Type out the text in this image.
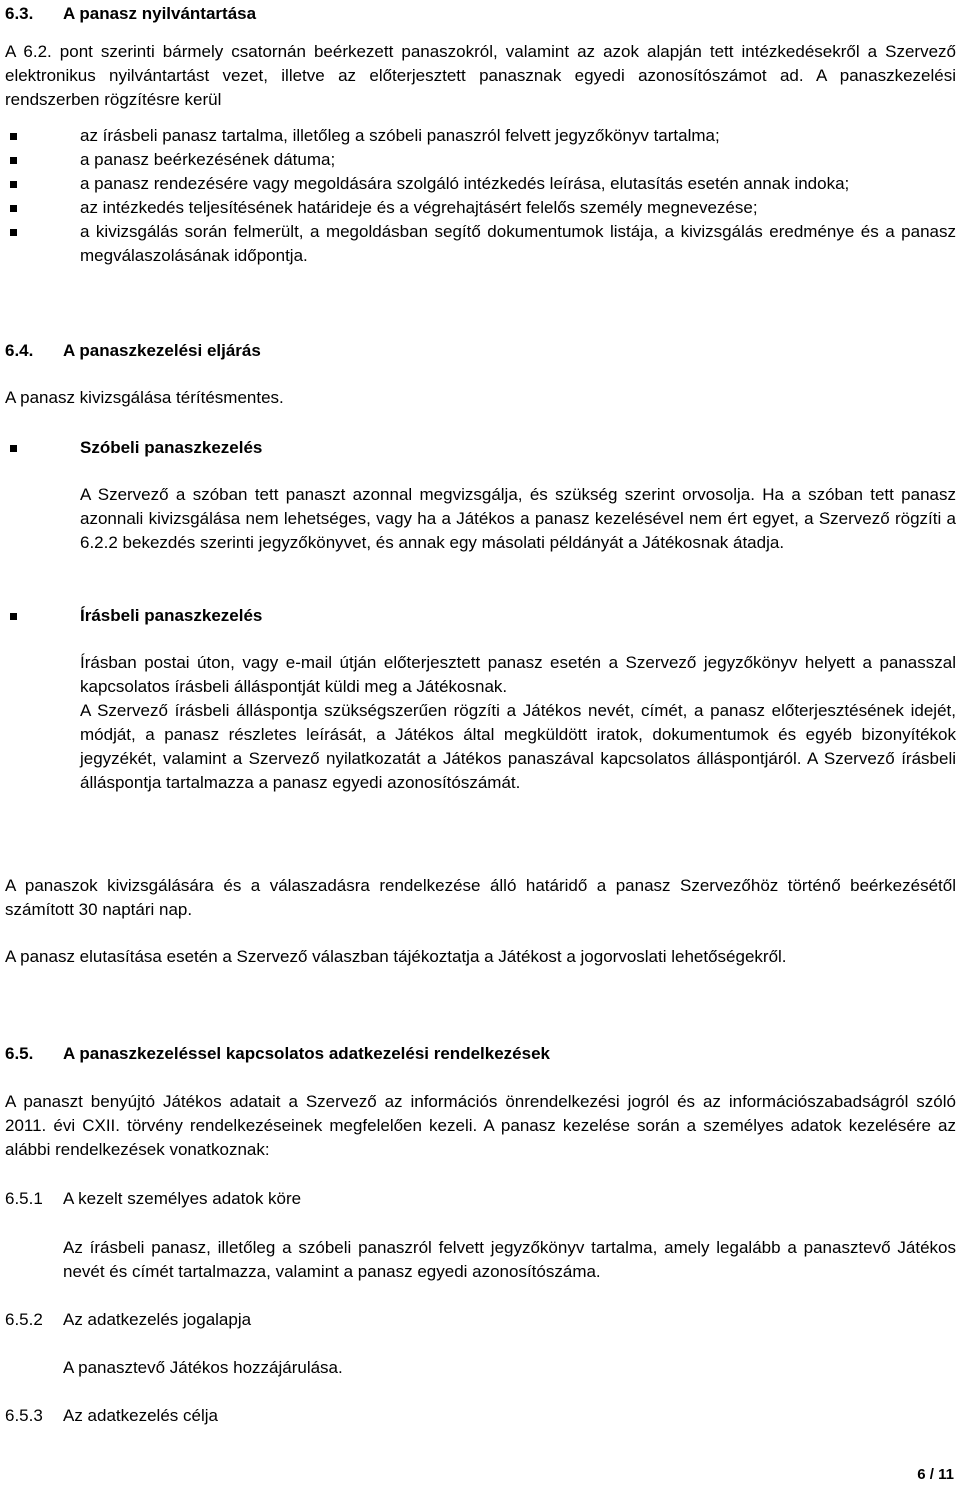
6.3. A panasz nyilvántartása
A 6.2. pont szerinti bármely csatornán beérkezett panaszokról, valamint az azok alapján tett intézkedésekről a Szervező elektronikus nyilvántartást vezet, illetve az előterjesztett panasznak egyedi azonosítószámot ad. A panaszkezelési rendszerben rögzítésre kerül
az írásbeli panasz tartalma, illetőleg a szóbeli panaszról felvett jegyzőkönyv tartalma;
a panasz beérkezésének dátuma;
a panasz rendezésére vagy megoldására szolgáló intézkedés leírása, elutasítás esetén annak indoka;
az intézkedés teljesítésének határideje és a végrehajtásért felelős személy megnevezése;
a kivizsgálás során felmerült, a megoldásban segítő dokumentumok listája, a kivizsgálás eredménye és a panasz megválaszolásának időpontja.
6.4. A panaszkezelési eljárás
A panasz kivizsgálása térítésmentes.
Szóbeli panaszkezelés
A Szervező a szóban tett panaszt azonnal megvizsgálja, és szükség szerint orvosolja. Ha a szóban tett panasz azonnali kivizsgálása nem lehetséges, vagy ha a Játékos a panasz kezelésével nem ért egyet, a Szervező rögzíti a 6.2.2 bekezdés szerinti jegyzőkönyvet, és annak egy másolati példányát a Játékosnak átadja.
Írásbeli panaszkezelés
Írásban postai úton, vagy e-mail útján előterjesztett panasz esetén a Szervező jegyzőkönyv helyett a panasszal kapcsolatos írásbeli álláspontját küldi meg a Játékosnak.
A Szervező írásbeli álláspontja szükségszerűen rögzíti a Játékos nevét, címét, a panasz előterjesztésének idejét, módját, a panasz részletes leírását, a Játékos által megküldött iratok, dokumentumok és egyéb bizonyítékok jegyzékét, valamint a Szervező nyilatkozatát a Játékos panaszával kapcsolatos álláspontjáról. A Szervező írásbeli álláspontja tartalmazza a panasz egyedi azonosítószámát.
A panaszok kivizsgálására és a válaszadásra rendelkezése álló határidő a panasz Szervezőhöz történő beérkezésétől számított 30 naptári nap.
A panasz elutasítása esetén a Szervező válaszban tájékoztatja a Játékost a jogorvoslati lehetőségekről.
6.5. A panaszkezeléssel kapcsolatos adatkezelési rendelkezések
A panaszt benyújtó Játékos adatait a Szervező az információs önrendelkezési jogról és az információszabadságról szóló 2011. évi CXII. törvény rendelkezéseinek megfelelően kezeli. A panasz kezelése során a személyes adatok kezelésére az alábbi rendelkezések vonatkoznak:
6.5.1 A kezelt személyes adatok köre
Az írásbeli panasz, illetőleg a szóbeli panaszról felvett jegyzőkönyv tartalma, amely legalább a panasztevő Játékos nevét és címét tartalmazza, valamint a panasz egyedi azonosítószáma.
6.5.2 Az adatkezelés jogalapja
A panasztevő Játékos hozzájárulása.
6.5.3 Az adatkezelés célja
6 / 11
